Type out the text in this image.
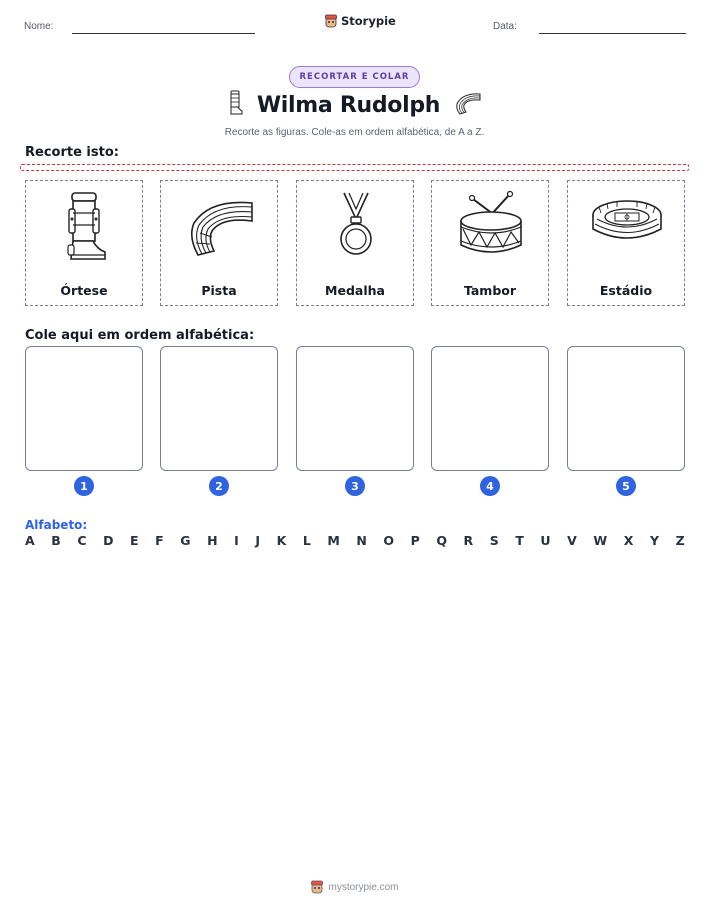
Nome:	Storypie	Data:
RECORTAR E COLAR
Wilma Rudolph
Recorte as figuras. Cole-as em ordem alfabética, de A a Z.
Recorte isto:
Órtese	Pista	Medalha	Tambor	Estádio
Cole aqui em ordem alfabética:
1	2	3	4	5
Alfabeto:
A B C D E F G H I J K L M N O P Q R S T U V W X Y Z
mystorypie.com
